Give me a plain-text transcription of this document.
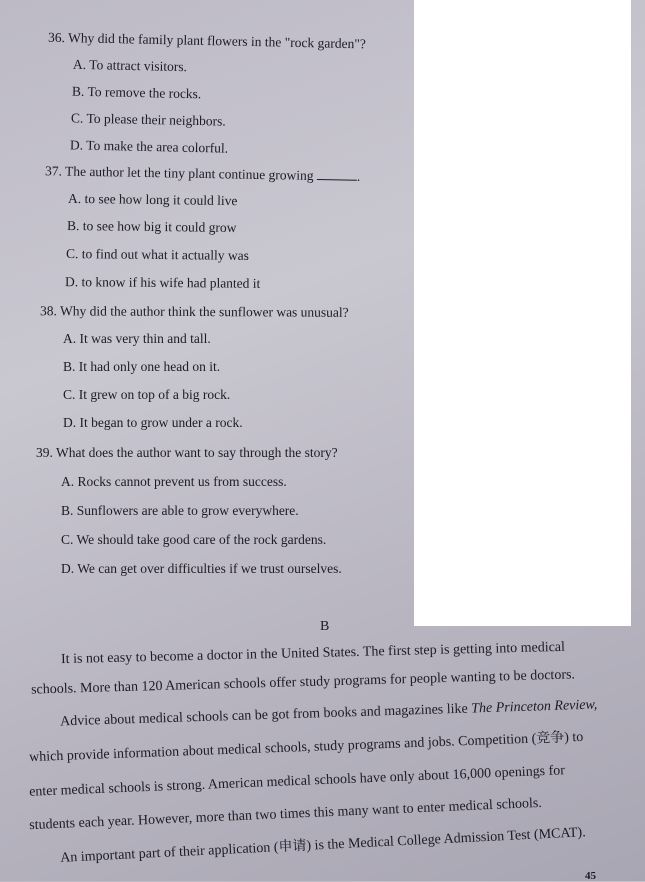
36. Why did the family plant flowers in the "rock garden"?
A. To attract visitors.
B. To remove the rocks.
C. To please their neighbors.
D. To make the area colorful.
37. The author let the tiny plant continue growing	.
A. to see how long it could live
B. to see how big it could grow
C. to find out what it actually was
D. to know if his wife had planted it
38. Why did the author think the sunflower was unusual?
A. It was very thin and tall.
B. It had only one head on it.
C. It grew on top of a big rock.
D. It began to grow under a rock.
39. What does the author want to say through the story?
A. Rocks cannot prevent us from success.
B. Sunflowers are able to grow everywhere.
C. We should take good care of the rock gardens.
D. We can get over difficulties if we trust ourselves.
B
It is not easy to become a doctor in the United States. The first step is getting into medical
schools. More than 120 American schools offer study programs for people wanting to be doctors.
Advice about medical schools can be got from books and magazines like The Princeton Review,
which provide information about medical schools, study programs and jobs. Competition (竞争) to
enter medical schools is strong. American medical schools have only about 16,000 openings for
students each year. However, more than two times this many want to enter medical schools.
An important part of their application (申请) is the Medical College Admission Test (MCAT).
45
